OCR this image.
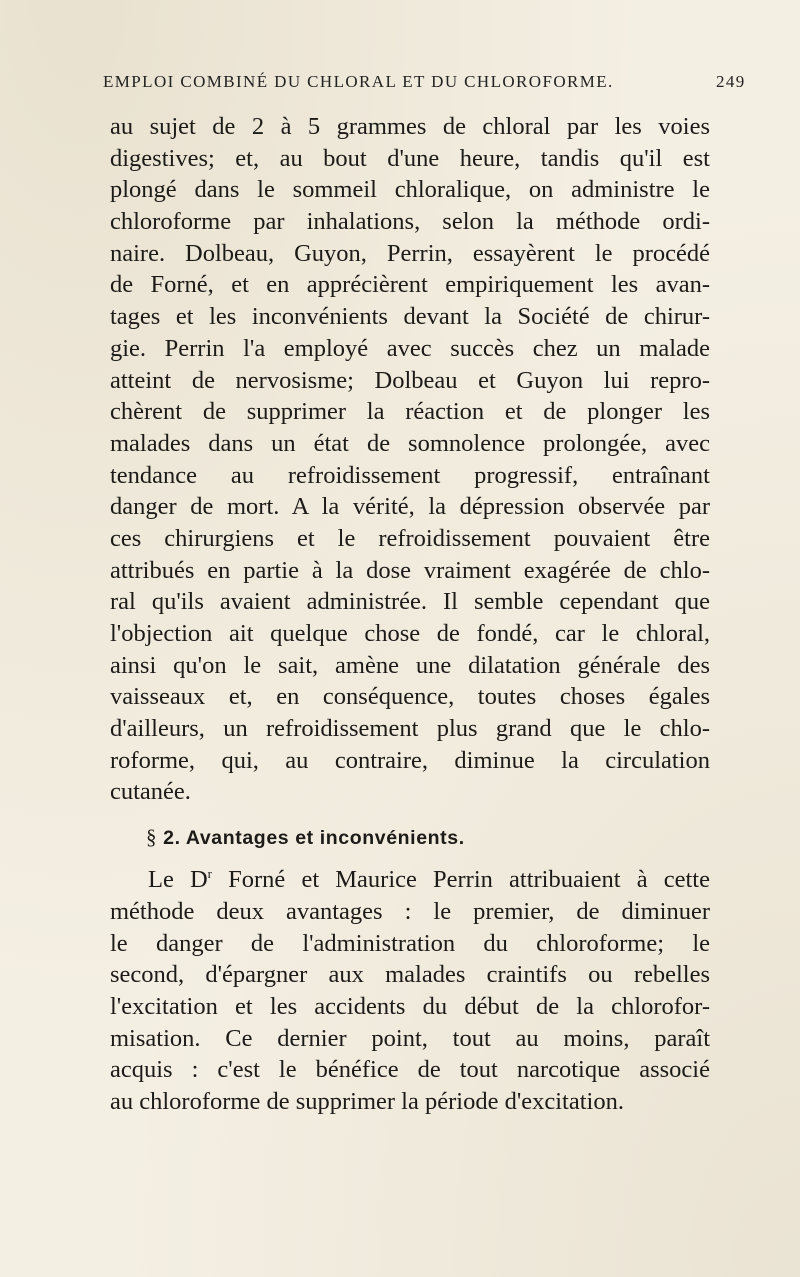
EMPLOI COMBINÉ DU CHLORAL ET DU CHLOROFORME.	249
au sujet de 2 à 5 grammes de chloral par les voies
digestives; et, au bout d'une heure, tandis qu'il est
plongé dans le sommeil chloralique, on administre le
chloroforme par inhalations, selon la méthode ordi-
naire. Dolbeau, Guyon, Perrin, essayèrent le procédé
de Forné, et en apprécièrent empiriquement les avan-
tages et les inconvénients devant la Société de chirur-
gie. Perrin l'a employé avec succès chez un malade
atteint de nervosisme; Dolbeau et Guyon lui repro-
chèrent de supprimer la réaction et de plonger les
malades dans un état de somnolence prolongée, avec
tendance au refroidissement progressif, entraînant
danger de mort. A la vérité, la dépression observée par
ces chirurgiens et le refroidissement pouvaient être
attribués en partie à la dose vraiment exagérée de chlo-
ral qu'ils avaient administrée. Il semble cependant que
l'objection ait quelque chose de fondé, car le chloral,
ainsi qu'on le sait, amène une dilatation générale des
vaisseaux et, en conséquence, toutes choses égales
d'ailleurs, un refroidissement plus grand que le chlo-
roforme, qui, au contraire, diminue la circulation
cutanée.
§ 2. Avantages et inconvénients.
Le $D^r$ Forné et Maurice Perrin attribuaient à cette
méthode deux avantages : le premier, de diminuer
le danger de l'administration du chloroforme; le
second, d'épargner aux malades craintifs ou rebelles
l'excitation et les accidents du début de la chlorofor-
misation. Ce dernier point, tout au moins, paraît
acquis : c'est le bénéfice de tout narcotique associé
au chloroforme de supprimer la période d'excitation.
